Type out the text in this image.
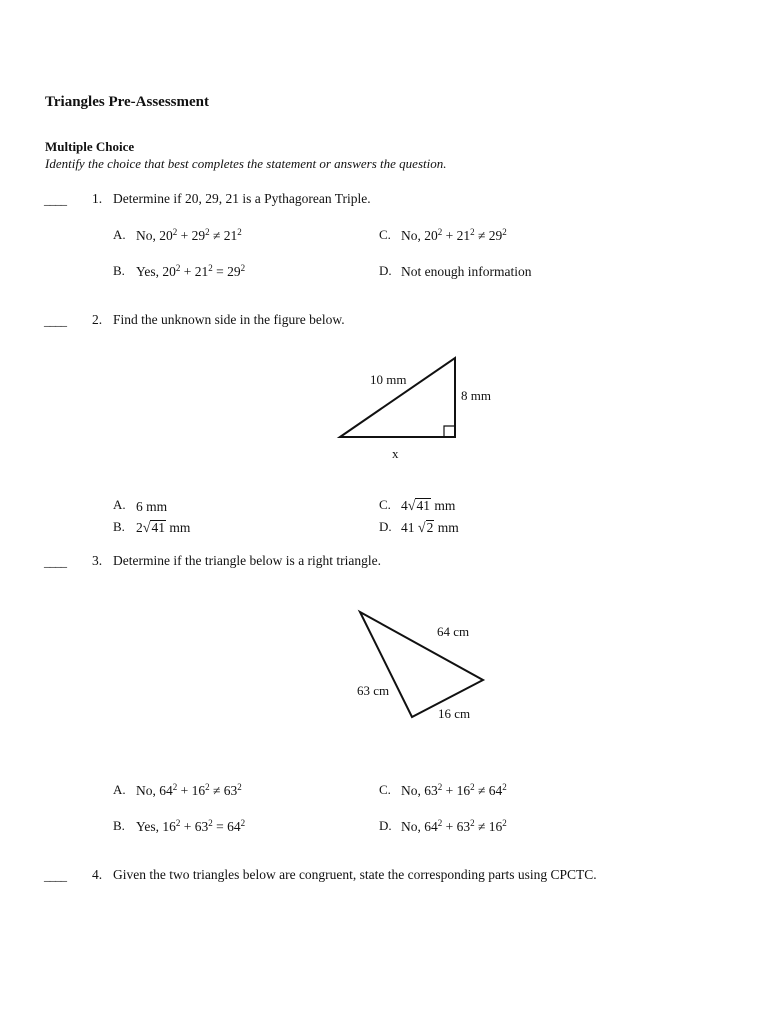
Triangles Pre-Assessment
Multiple Choice
Identify the choice that best completes the statement or answers the question.
____ 1. Determine if 20, 29, 21 is a Pythagorean Triple.
A. No, $20^2 + 29^2 \ne 21^2$	C. No, $20^2 + 21^2 \ne 29^2$
B. Yes, $20^2 + 21^2 = 29^2$	D. Not enough information
____ 2. Find the unknown side in the figure below.
10 mm
8 mm
x
A. 6 mm	C. 4√41 mm
B. 2√41 mm	D. 41 √2 mm
____ 3. Determine if the triangle below is a right triangle.
64 cm
63 cm
16 cm
A. No, $64^2 + 16^2 \ne 63^2$	C. No, $63^2 + 16^2 \ne 64^2$
B. Yes, $16^2 + 63^2 = 64^2$	D. No, $64^2 + 63^2 \ne 16^2$
____ 4. Given the two triangles below are congruent, state the corresponding parts using CPCTC.
